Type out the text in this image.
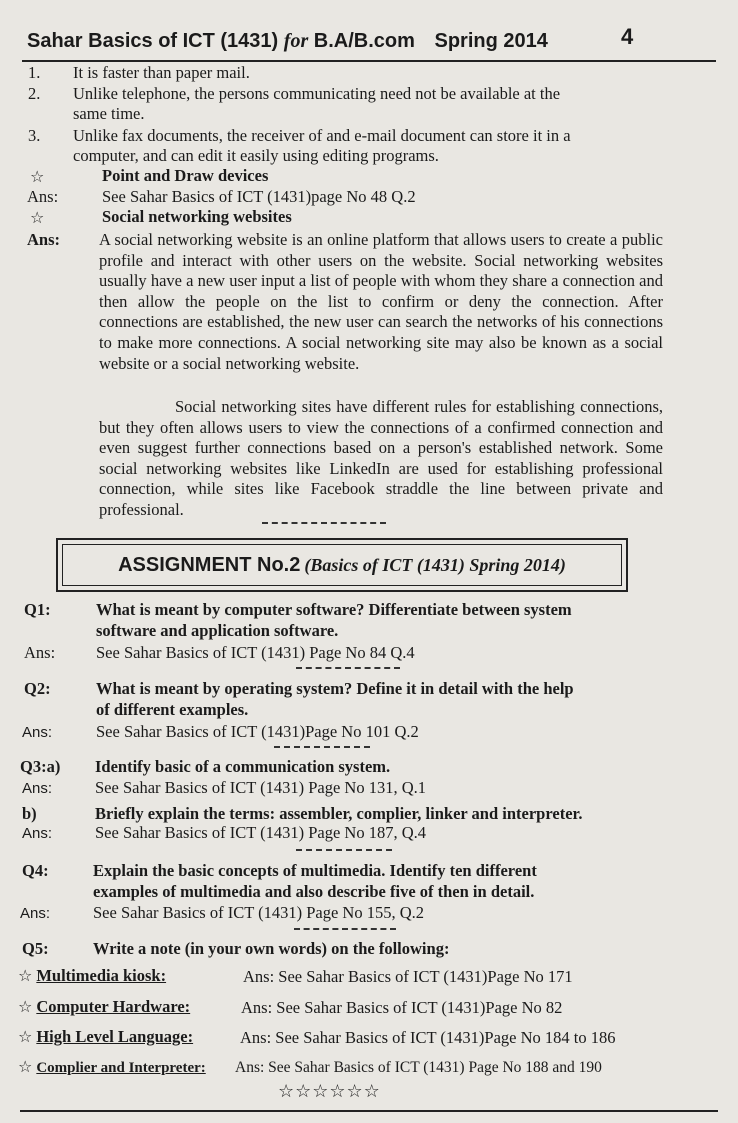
Sahar Basics of ICT (1431) for B.A/B.com Spring 2014	4
1. It is faster than paper mail.
2. Unlike telephone, the persons communicating need not be available at the
same time.
3. Unlike fax documents, the receiver of and e-mail document can store it in a
computer, and can edit it easily using editing programs.
☆	Point and Draw devices
Ans:	See Sahar Basics of ICT (1431)page No 48 Q.2
☆	Social networking websites
Ans: A social networking website is an online platform that allows users to create a public profile and interact with other users on the website. Social networking websites usually have a new user input a list of people with whom they share a connection and then allow the people on the list to confirm or deny the connection. After connections are established, the new user can search the networks of his connections to make more connections. A social networking site may also be known as a social website or a social networking website.
Social networking sites have different rules for establishing connections, but they often allows users to view the connections of a confirmed connection and even suggest further connections based on a person's established network. Some social networking websites like LinkedIn are used for establishing professional connection, while sites like Facebook straddle the line between private and professional.
ASSIGNMENT No.2 (Basics of ICT (1431) Spring 2014)
Q1:	What is meant by computer software? Differentiate between system
software and application software.
Ans: See Sahar Basics of ICT (1431) Page No 84 Q.4
Q2:	What is meant by operating system? Define it in detail with the help
of different examples.
Ans:	See Sahar Basics of ICT (1431)Page No 101 Q.2
Q3:a) Identify basic of a communication system.
Ans:	See Sahar Basics of ICT (1431) Page No 131, Q.1
b)	Briefly explain the terms: assembler, complier, linker and interpreter.
Ans:	See Sahar Basics of ICT (1431) Page No 187, Q.4
Q4:	Explain the basic concepts of multimedia. Identify ten different
examples of multimedia and also describe five of then in detail.
Ans:	See Sahar Basics of ICT (1431) Page No 155, Q.2
Q5:	Write a note (in your own words) on the following:
☆ Multimedia kiosk:	Ans: See Sahar Basics of ICT (1431)Page No 171
☆ Computer Hardware:	Ans: See Sahar Basics of ICT (1431)Page No 82
☆ High Level Language:	Ans: See Sahar Basics of ICT (1431)Page No 184 to 186
☆ Complier and Interpreter: Ans: See Sahar Basics of ICT (1431) Page No 188 and 190
☆☆☆☆☆☆
